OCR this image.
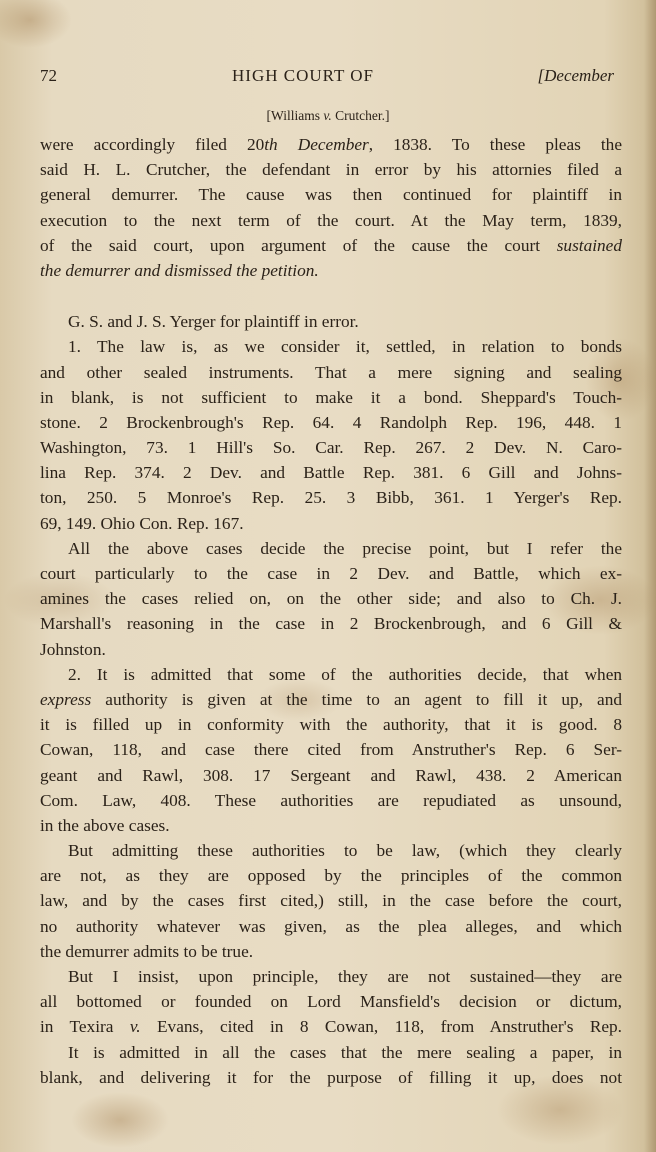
72	HIGH COURT OF	[December
[Williams v. Crutcher.]
were accordingly filed 20th December, 1838. To these pleas the
said H. L. Crutcher, the defendant in error by his attornies filed a
general demurrer. The cause was then continued for plaintiff in
execution to the next term of the court. At the May term, 1839,
of the said court, upon argument of the cause the court sustained
the demurrer and dismissed the petition.
G. S. and J. S. Yerger for plaintiff in error.
1. The law is, as we consider it, settled, in relation to bonds
and other sealed instruments. That a mere signing and sealing
in blank, is not sufficient to make it a bond. Sheppard's Touch-
stone. 2 Brockenbrough's Rep. 64. 4 Randolph Rep. 196, 448. 1
Washington, 73. 1 Hill's So. Car. Rep. 267. 2 Dev. N. Caro-
lina Rep. 374. 2 Dev. and Battle Rep. 381. 6 Gill and Johns-
ton, 250. 5 Monroe's Rep. 25. 3 Bibb, 361. 1 Yerger's Rep.
69, 149. Ohio Con. Rep. 167.
All the above cases decide the precise point, but I refer the
court particularly to the case in 2 Dev. and Battle, which ex-
amines the cases relied on, on the other side; and also to Ch. J.
Marshall's reasoning in the case in 2 Brockenbrough, and 6 Gill &
Johnston.
2. It is admitted that some of the authorities decide, that when
express authority is given at the time to an agent to fill it up, and
it is filled up in conformity with the authority, that it is good. 8
Cowan, 118, and case there cited from Anstruther's Rep. 6 Ser-
geant and Rawl, 308. 17 Sergeant and Rawl, 438. 2 American
Com. Law, 408. These authorities are repudiated as unsound,
in the above cases.
But admitting these authorities to be law, (which they clearly
are not, as they are opposed by the principles of the common
law, and by the cases first cited,) still, in the case before the court,
no authority whatever was given, as the plea alleges, and which
the demurrer admits to be true.
But I insist, upon principle, they are not sustained—they are
all bottomed or founded on Lord Mansfield's decision or dictum,
in Texira v. Evans, cited in 8 Cowan, 118, from Anstruther's Rep.
It is admitted in all the cases that the mere sealing a paper, in
blank, and delivering it for the purpose of filling it up, does not
